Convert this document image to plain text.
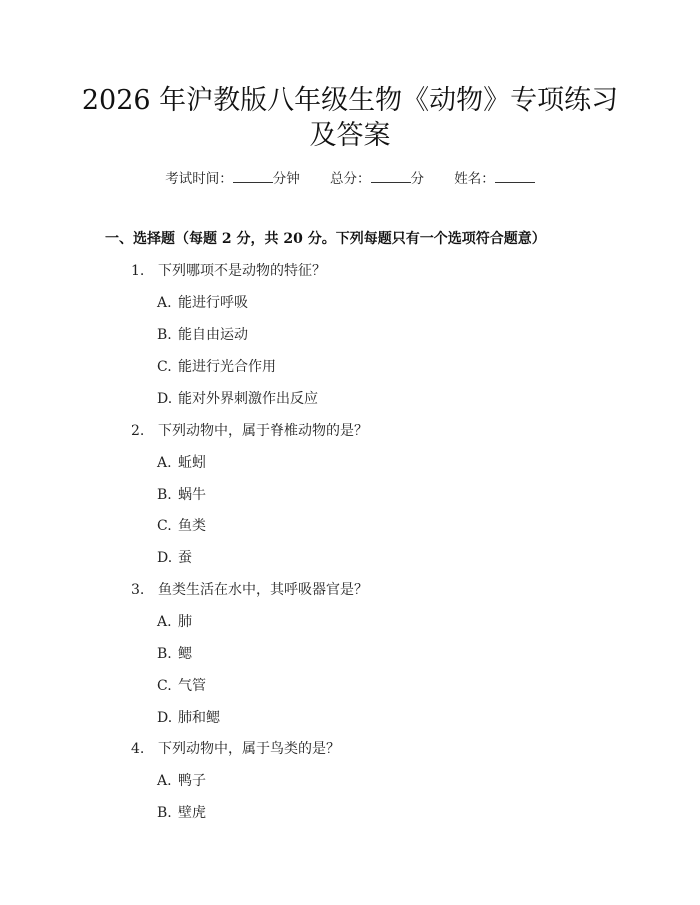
2026 年沪教版八年级生物《动物》专项练习
及答案
考试时间：	分钟 总分：	分 姓名：
一、选择题（每题 2 分，共 20 分。下列每题只有一个选项符合题意）
1. 下列哪项不是动物的特征？
A. 能进行呼吸
B. 能自由运动
C. 能进行光合作用
D. 能对外界刺激作出反应
2. 下列动物中，属于脊椎动物的是？
A. 蚯蚓
B. 蜗牛
C. 鱼类
D. 蚕
3. 鱼类生活在水中，其呼吸器官是？
A. 肺
B. 鳃
C. 气管
D. 肺和鳃
4. 下列动物中，属于鸟类的是？
A. 鸭子
B. 壁虎
